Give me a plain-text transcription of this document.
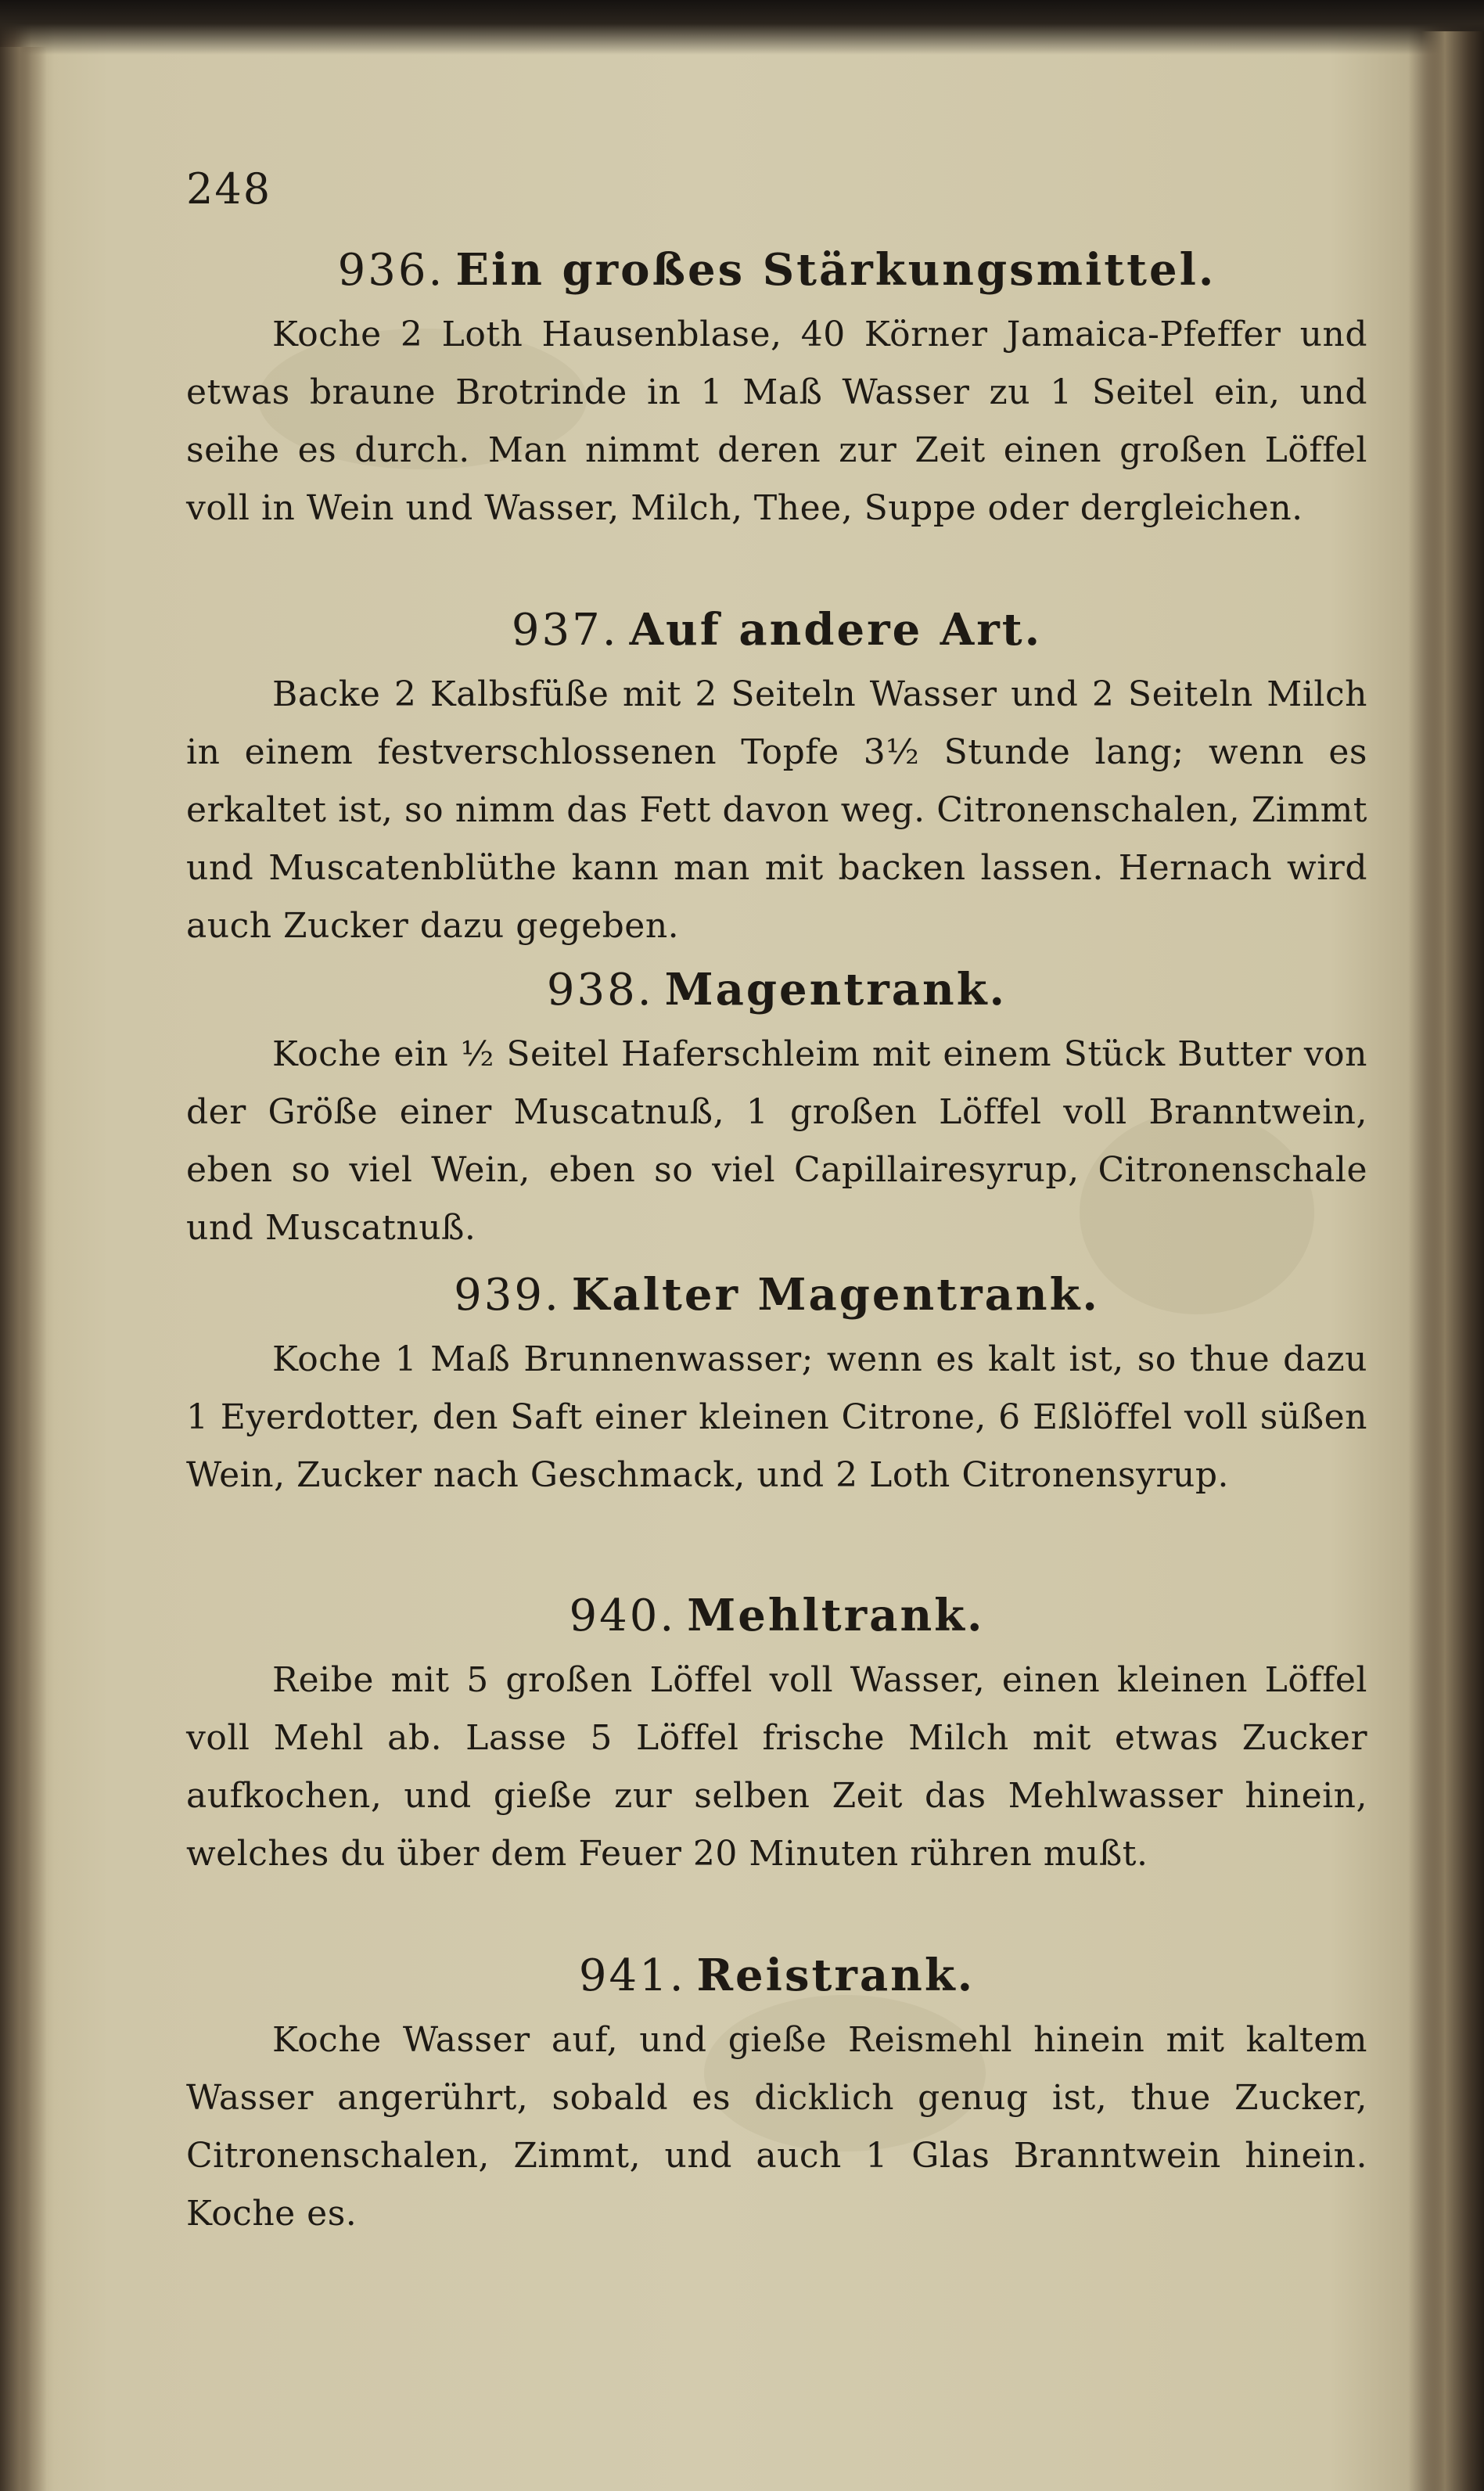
248
936. Ein großes Stärkungsmittel.
Koche 2 Loth Hausenblase, 40 Körner Jamaica-Pfeffer und etwas braune Brotrinde in 1 Maß Wasser zu 1 Seitel ein, und seihe es durch. Man nimmt deren zur Zeit einen großen Löffel voll in Wein und Wasser, Milch, Thee, Suppe oder dergleichen.
937. Auf andere Art.
Backe 2 Kalbsfüße mit 2 Seiteln Wasser und 2 Seiteln Milch in einem festverschlossenen Topfe 3½ Stunde lang; wenn es erkaltet ist, so nimm das Fett davon weg. Citronenschalen, Zimmt und Muscatenblüthe kann man mit backen lassen. Hernach wird auch Zucker dazu gegeben.
938. Magentrank.
Koche ein ½ Seitel Haferschleim mit einem Stück Butter von der Größe einer Muscatnuß, 1 großen Löffel voll Branntwein, eben so viel Wein, eben so viel Capillairesyrup, Citronenschale und Muscatnuß.
939. Kalter Magentrank.
Koche 1 Maß Brunnenwasser; wenn es kalt ist, so thue dazu 1 Eyerdotter, den Saft einer kleinen Citrone, 6 Eßlöffel voll süßen Wein, Zucker nach Geschmack, und 2 Loth Citronensyrup.
940. Mehltrank.
Reibe mit 5 großen Löffel voll Wasser, einen kleinen Löffel voll Mehl ab. Lasse 5 Löffel frische Milch mit etwas Zucker aufkochen, und gieße zur selben Zeit das Mehlwasser hinein, welches du über dem Feuer 20 Minuten rühren mußt.
941. Reistrank.
Koche Wasser auf, und gieße Reismehl hinein mit kaltem Wasser angerührt, sobald es dicklich genug ist, thue Zucker, Citronenschalen, Zimmt, und auch 1 Glas Branntwein hinein. Koche es.
